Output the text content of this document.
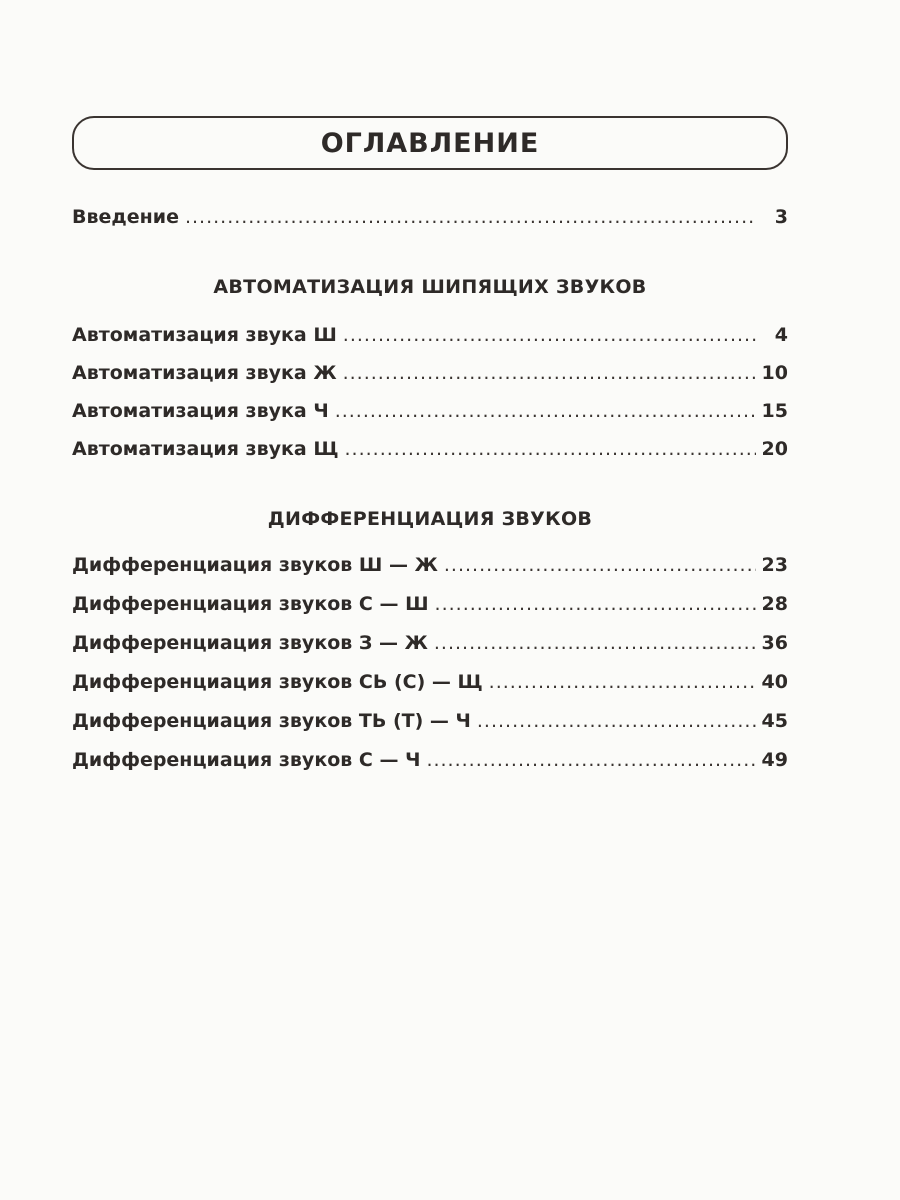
ОГЛАВЛЕНИЕ
Введение .....	3
АВТОМАТИЗАЦИЯ ШИПЯЩИХ ЗВУКОВ
Автоматизация звука Ш .....	4
Автоматизация звука Ж .....	10
Автоматизация звука Ч .....	15
Автоматизация звука Щ .....	20
ДИФФЕРЕНЦИАЦИЯ ЗВУКОВ
Дифференциация звуков Ш — Ж .....	23
Дифференциация звуков С — Ш .....	28
Дифференциация звуков З — Ж .....	36
Дифференциация звуков СЬ (С) — Щ .....	40
Дифференциация звуков ТЬ (Т) — Ч .....	45
Дифференциация звуков С — Ч .....	49
